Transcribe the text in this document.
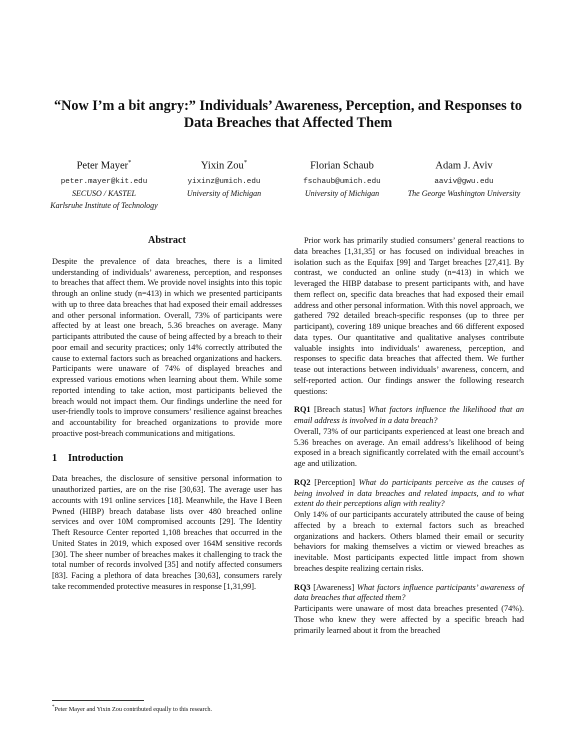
“Now I’m a bit angry:” Individuals’ Awareness, Perception, and Responses to Data Breaches that Affected Them
Peter Mayer*
peter.mayer@kit.edu
SECUSO / KASTEL
Karlsruhe Institute of Technology
Yixin Zou*
yixinz@umich.edu
University of Michigan
Florian Schaub
fschaub@umich.edu
University of Michigan
Adam J. Aviv
aaviv@gwu.edu
The George Washington University
Abstract

Despite the prevalence of data breaches, there is a limited understanding of individuals’ awareness, perception, and responses to breaches that affect them. We provide novel insights into this topic through an online study (n=413) in which we presented participants with up to three data breaches that had exposed their email addresses and other personal information. Overall, 73% of participants were affected by at least one breach, 5.36 breaches on average. Many participants attributed the cause of being affected by a breach to their poor email and security practices; only 14% correctly attributed the cause to external factors such as breached organizations and hackers. Participants were unaware of 74% of displayed breaches and expressed various emotions when learning about them. While some reported intending to take action, most participants believed the breach would not impact them. Our findings underline the need for user-friendly tools to improve consumers’ resilience against breaches and accountability for breached organizations to provide more proactive post-breach communications and mitigations.

1 Introduction

Data breaches, the disclosure of sensitive personal information to unauthorized parties, are on the rise [30,63]. The average user has accounts with 191 online services [18]. Meanwhile, the Have I Been Pwned (HIBP) breach database lists over 480 breached online services and over 10M compromised accounts [29]. The Identity Theft Resource Center reported 1,108 breaches that occurred in the United States in 2019, which exposed over 164M sensitive records [30]. The sheer number of breaches makes it challenging to track the total number of records involved [35] and notify affected consumers [83]. Facing a plethora of data breaches [30,63], consumers rarely take recommended protective measures in response [1,31,99].

Prior work has primarily studied consumers’ general reactions to data breaches [1,31,35] or has focused on individual breaches in isolation such as the Equifax [99] and Target breaches [27,41]. By contrast, we conducted an online study (n=413) in which we leveraged the HIBP database to present participants with, and have them reflect on, specific data breaches that had exposed their email address and other personal information. With this novel approach, we gathered 792 detailed breach-specific responses (up to three per participant), covering 189 unique breaches and 66 different exposed data types. Our quantitative and qualitative analyses contribute valuable insights into individuals’ awareness, perception, and responses to specific data breaches that affected them. We further tease out interactions between individuals’ awareness, concern, and self-reported action. Our findings answer the following research questions:

RQ1 [Breach status] What factors influence the likelihood that an email address is involved in a data breach?

Overall, 73% of our participants experienced at least one breach and 5.36 breaches on average. An email address’s likelihood of being exposed in a breach significantly correlated with the email account’s age and utilization.

RQ2 [Perception] What do participants perceive as the causes of being involved in data breaches and related impacts, and to what extent do their perceptions align with reality?

Only 14% of our participants accurately attributed the cause of being affected by a breach to external factors such as breached organizations and hackers. Others blamed their email or security behaviors for making themselves a victim or viewed breaches as inevitable. Most participants expected little impact from shown breaches despite realizing certain risks.

RQ3 [Awareness] What factors influence participants’ awareness of data breaches that affected them?

Participants were unaware of most data breaches presented (74%). Those who knew they were affected by a specific breach had primarily learned about it from the breached

*Peter Mayer and Yixin Zou contributed equally to this research.
